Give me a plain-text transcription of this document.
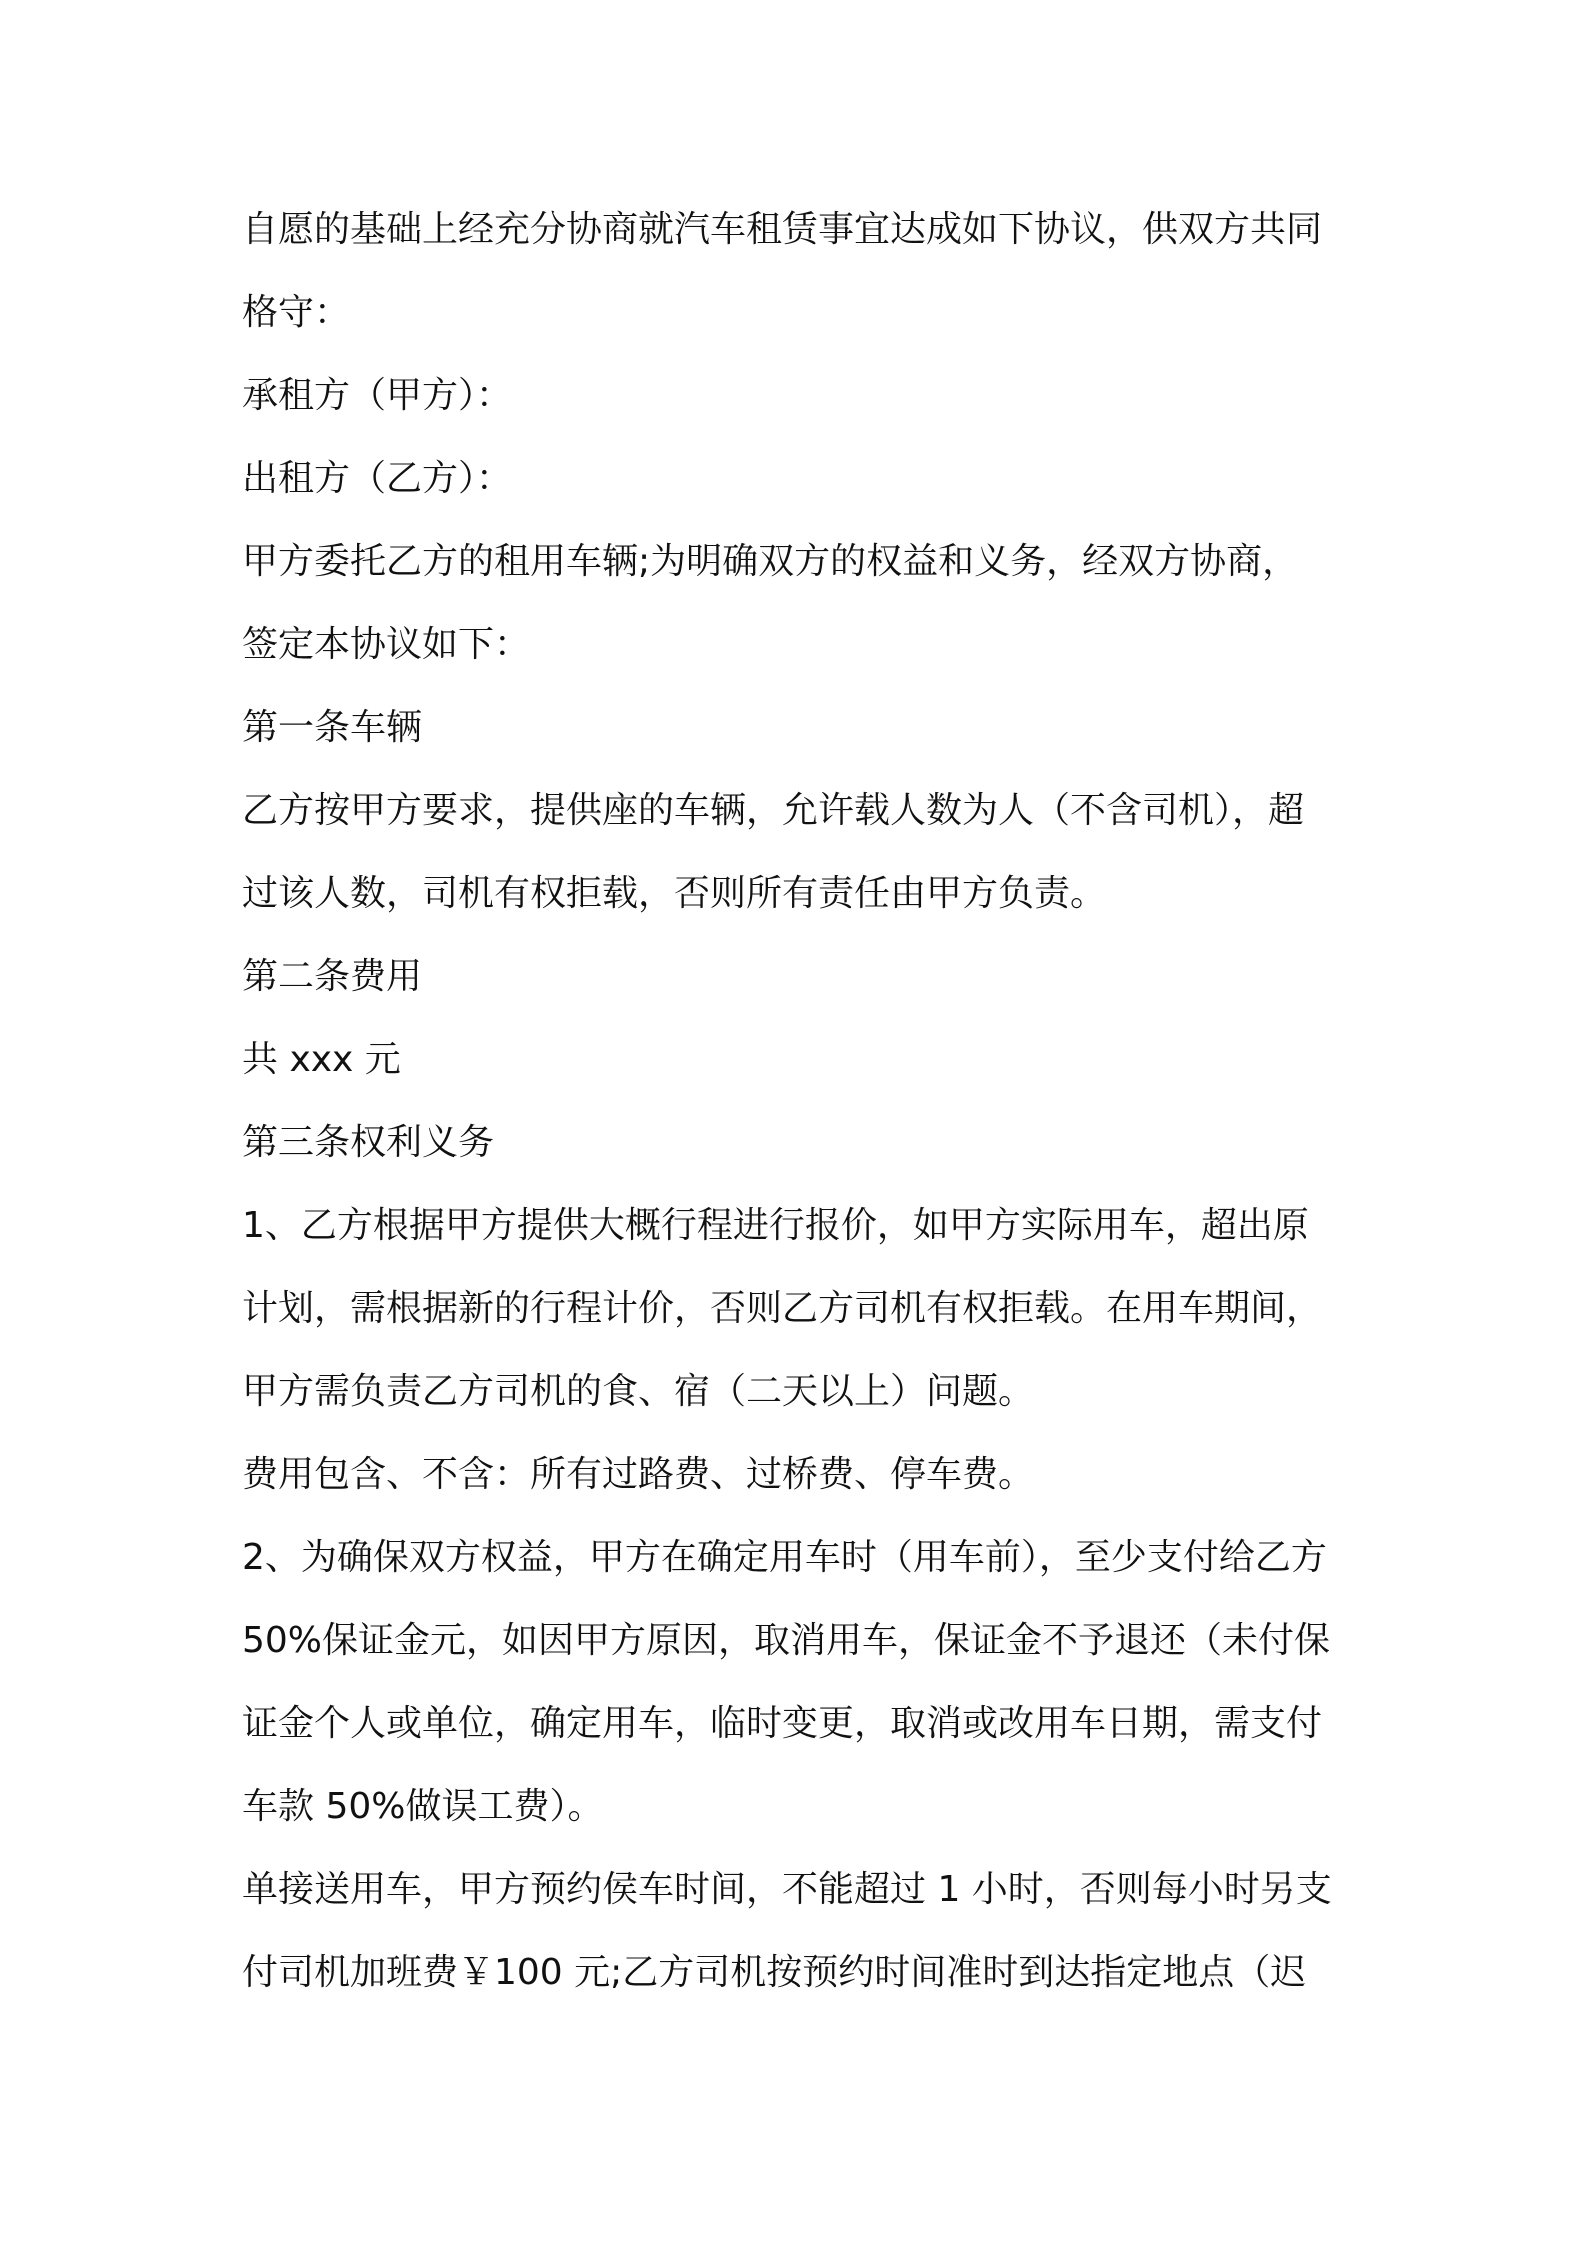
自愿的基础上经充分协商就汽车租赁事宜达成如下协议，供双方共同
格守：
承租方（甲方）：
出租方（乙方）：
甲方委托乙方的租用车辆;为明确双方的权益和义务，经双方协商，
签定本协议如下：
第一条车辆
乙方按甲方要求，提供座的车辆，允许载人数为人（不含司机），超
过该人数，司机有权拒载，否则所有责任由甲方负责。
第二条费用
共 xxx 元
第三条权利义务
1、乙方根据甲方提供大概行程进行报价，如甲方实际用车，超出原
计划，需根据新的行程计价，否则乙方司机有权拒载。在用车期间，
甲方需负责乙方司机的食、宿（二天以上）问题。
费用包含、不含：所有过路费、过桥费、停车费。
2、为确保双方权益，甲方在确定用车时（用车前），至少支付给乙方
50%保证金元，如因甲方原因，取消用车，保证金不予退还（未付保
证金个人或单位，确定用车，临时变更，取消或改用车日期，需支付
车款 50%做误工费）。
单接送用车，甲方预约侯车时间，不能超过 1 小时，否则每小时另支
付司机加班费￥100 元;乙方司机按预约时间准时到达指定地点（迟
